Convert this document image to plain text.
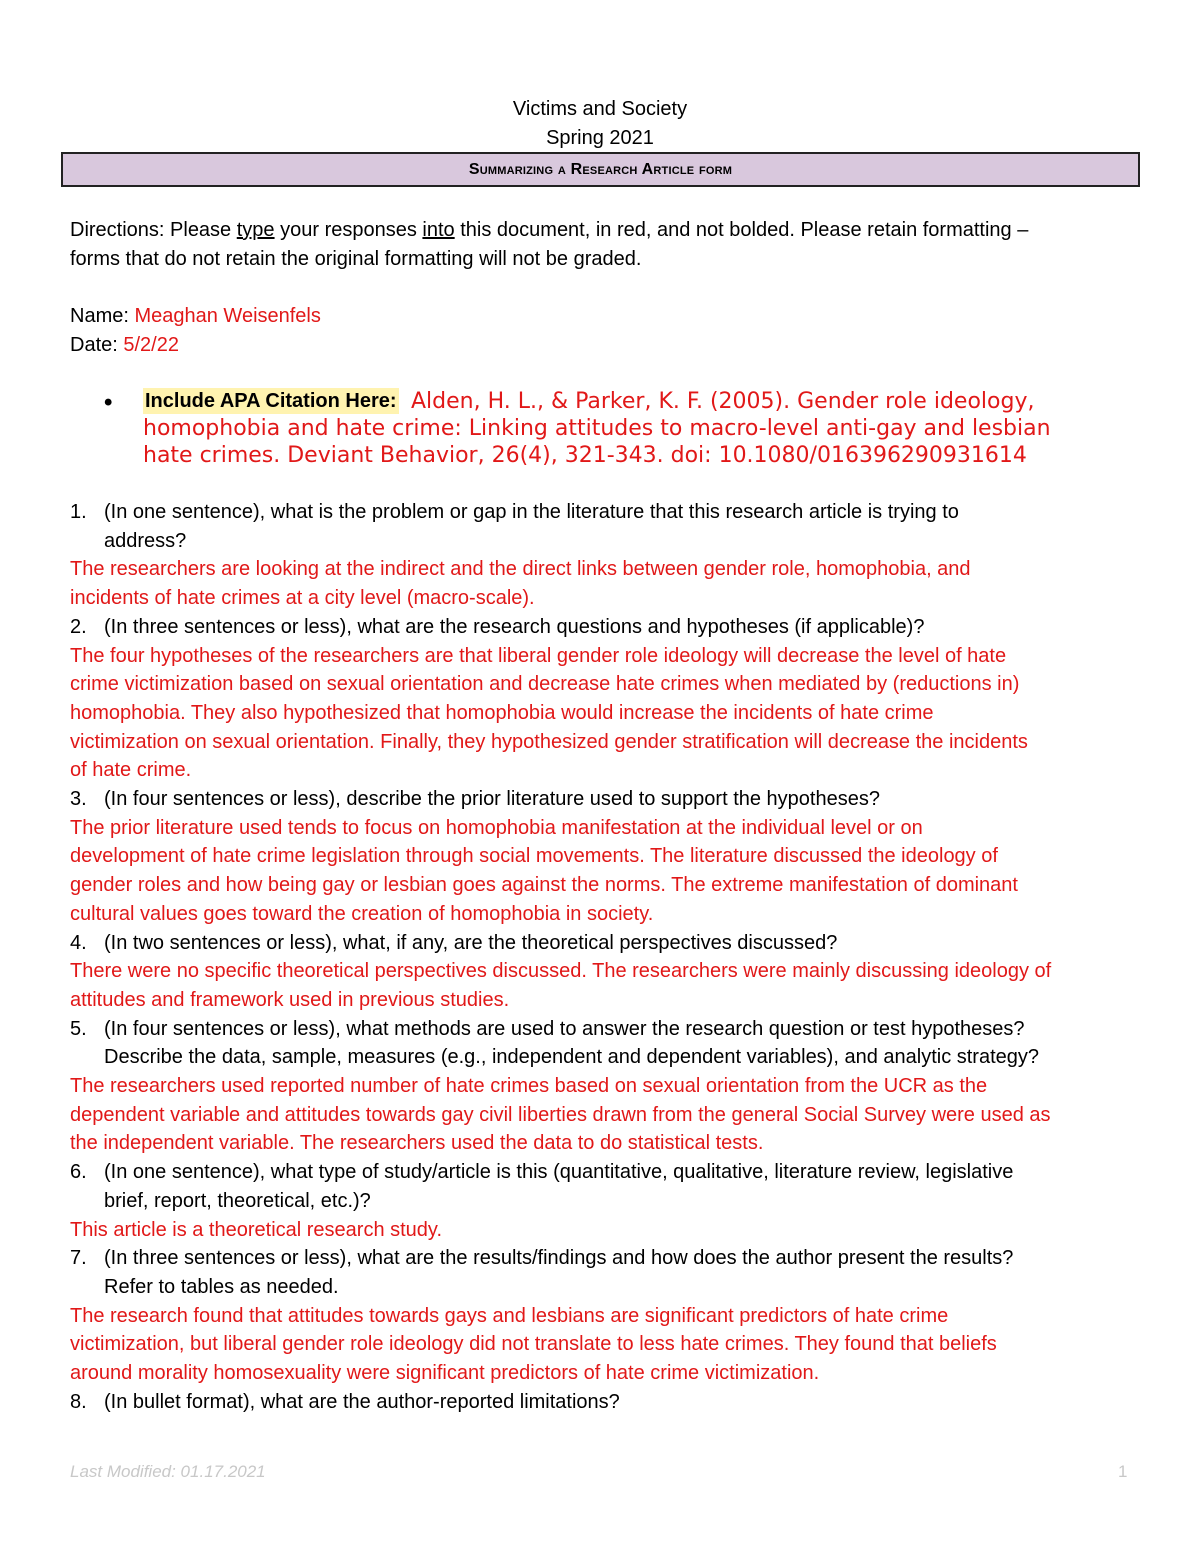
Victims and Society
Spring 2021
Summarizing a Research Article form
Directions: Please type your responses into this document, in red, and not bolded. Please retain formatting –
forms that do not retain the original formatting will not be graded.
Name: Meaghan Weisenfels
Date: 5/2/22
• Include APA Citation Here: Alden, H. L., & Parker, K. F. (2005). Gender role ideology,
homophobia and hate crime: Linking attitudes to macro-level anti-gay and lesbian
hate crimes. Deviant Behavior, 26(4), 321-343. doi: 10.1080/016396290931614
1. (In one sentence), what is the problem or gap in the literature that this research article is trying to
address?
The researchers are looking at the indirect and the direct links between gender role, homophobia, and
incidents of hate crimes at a city level (macro-scale).
2. (In three sentences or less), what are the research questions and hypotheses (if applicable)?
The four hypotheses of the researchers are that liberal gender role ideology will decrease the level of hate
crime victimization based on sexual orientation and decrease hate crimes when mediated by (reductions in)
homophobia. They also hypothesized that homophobia would increase the incidents of hate crime
victimization on sexual orientation. Finally, they hypothesized gender stratification will decrease the incidents
of hate crime.
3. (In four sentences or less), describe the prior literature used to support the hypotheses?
The prior literature used tends to focus on homophobia manifestation at the individual level or on
development of hate crime legislation through social movements. The literature discussed the ideology of
gender roles and how being gay or lesbian goes against the norms. The extreme manifestation of dominant
cultural values goes toward the creation of homophobia in society.
4. (In two sentences or less), what, if any, are the theoretical perspectives discussed?
There were no specific theoretical perspectives discussed. The researchers were mainly discussing ideology of
attitudes and framework used in previous studies.
5. (In four sentences or less), what methods are used to answer the research question or test hypotheses?
Describe the data, sample, measures (e.g., independent and dependent variables), and analytic strategy?
The researchers used reported number of hate crimes based on sexual orientation from the UCR as the
dependent variable and attitudes towards gay civil liberties drawn from the general Social Survey were used as
the independent variable. The researchers used the data to do statistical tests.
6. (In one sentence), what type of study/article is this (quantitative, qualitative, literature review, legislative
brief, report, theoretical, etc.)?
This article is a theoretical research study.
7. (In three sentences or less), what are the results/findings and how does the author present the results?
Refer to tables as needed.
The research found that attitudes towards gays and lesbians are significant predictors of hate crime
victimization, but liberal gender role ideology did not translate to less hate crimes. They found that beliefs
around morality homosexuality were significant predictors of hate crime victimization.
8. (In bullet format), what are the author-reported limitations?
Last Modified: 01.17.2021	1
